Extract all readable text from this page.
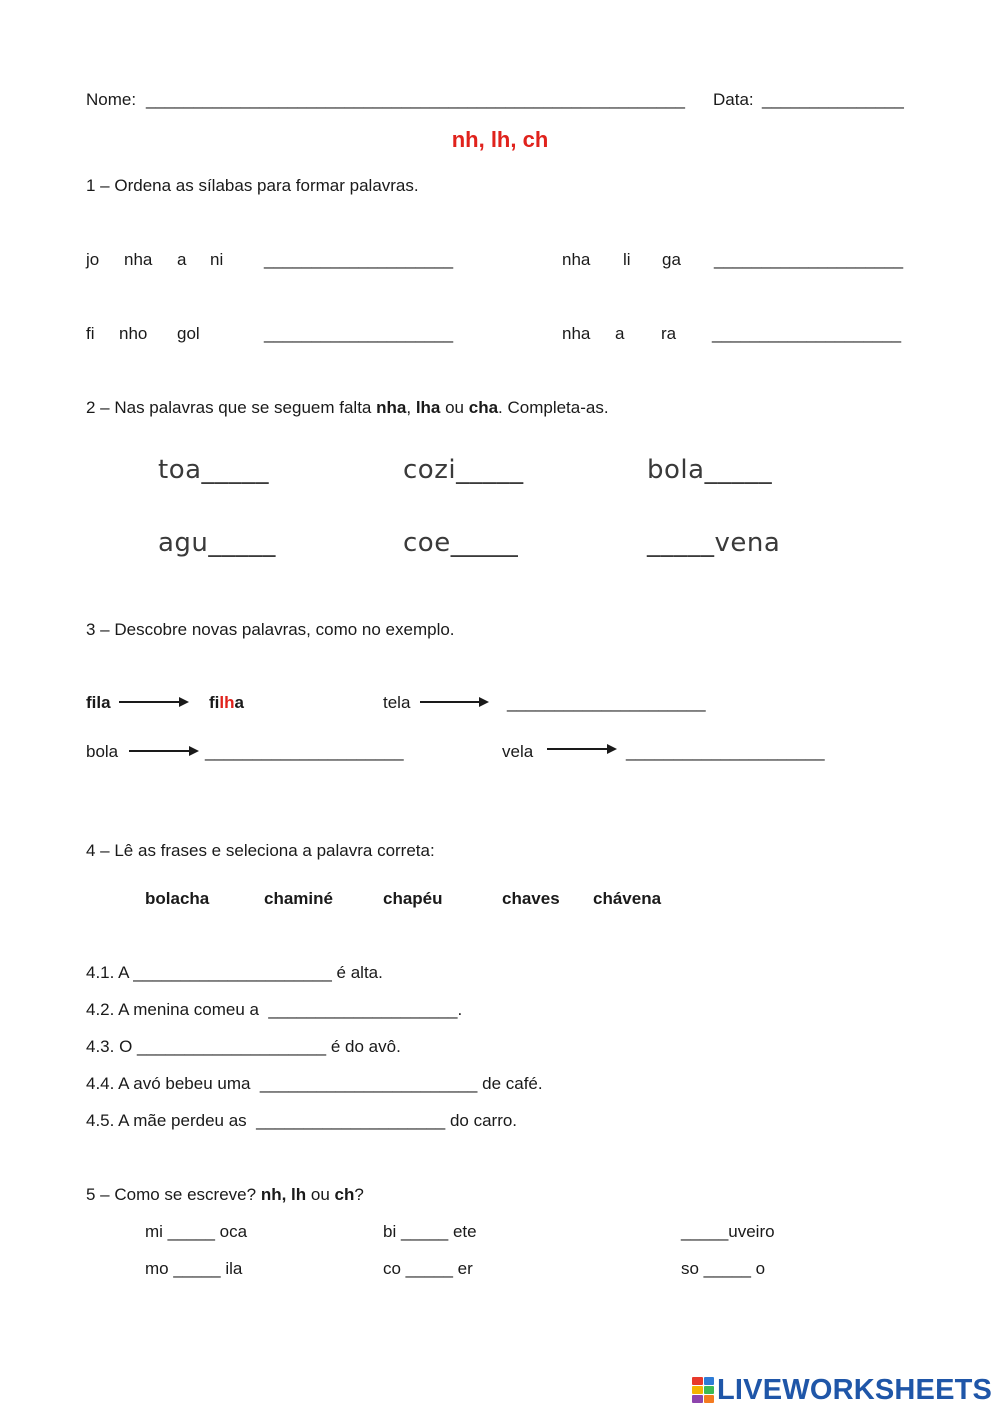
Nome: _________________________________________________________ Data: _______________
nh, lh, ch
1 – Ordena as sílabas para formar palavras.
jo nha a ni ____________________	nha li ga ____________________
fi nho gol	____________________	nha a ra ____________________
2 – Nas palavras que se seguem falta nha, lha ou cha. Completa-as.
toa_____	cozi_____	bola_____
agu_____	coe_____	_____vena
3 – Descobre novas palavras, como no exemplo.
fila	filha	tela	_____________________
bola	_____________________	vela	_____________________
4 – Lê as frases e seleciona a palavra correta:
bolacha	chaminé	chapéu	chaves chávena
4.1. A _____________________ é alta.
4.2. A menina comeu a  ____________________.
4.3. O ____________________ é do avô.
4.4. A avó bebeu uma  _______________________ de café.
4.5. A mãe perdeu as  ____________________ do carro.
5 – Como se escreve? nh, lh ou ch?
mi _____ oca	bi _____ ete	_____uveiro
mo _____ ila	co _____ er	so _____ o
LIVEWORKSHEETS
